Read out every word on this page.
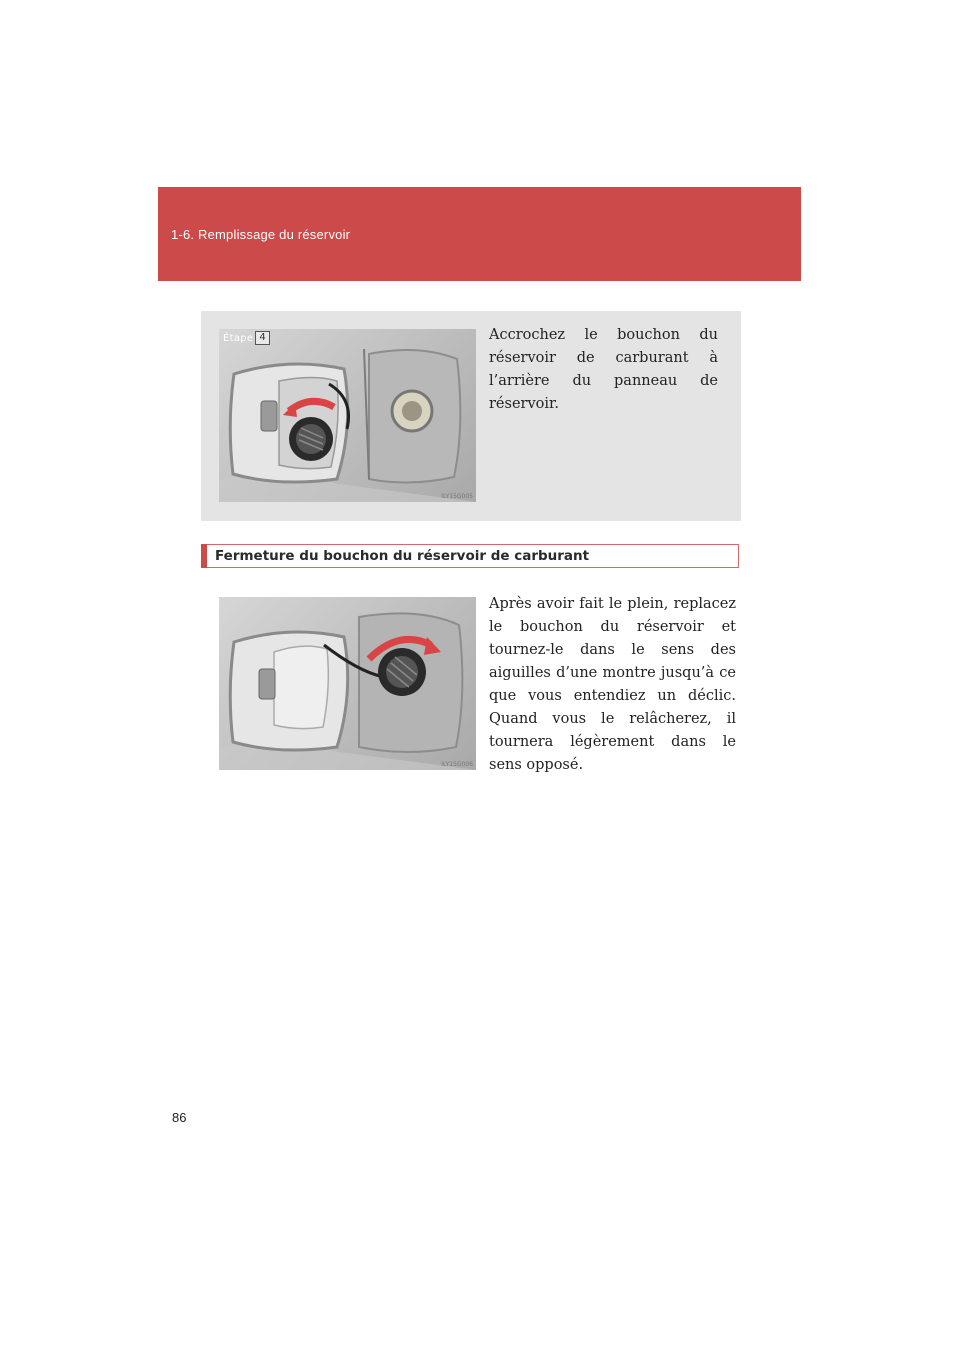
1-6. Remplissage du réservoir
Étape 4
ILY15G005
Accrochez le bouchon du réservoir de carburant à l’arrière du panneau de réservoir.
Fermeture du bouchon du réservoir de carburant
ILY15G006
Après avoir fait le plein, replacez le bouchon du réservoir et tournez-le dans le sens des aiguilles d’une montre jusqu’à ce que vous entendiez un déclic. Quand vous le relâcherez, il tournera légèrement dans le sens opposé.
86
